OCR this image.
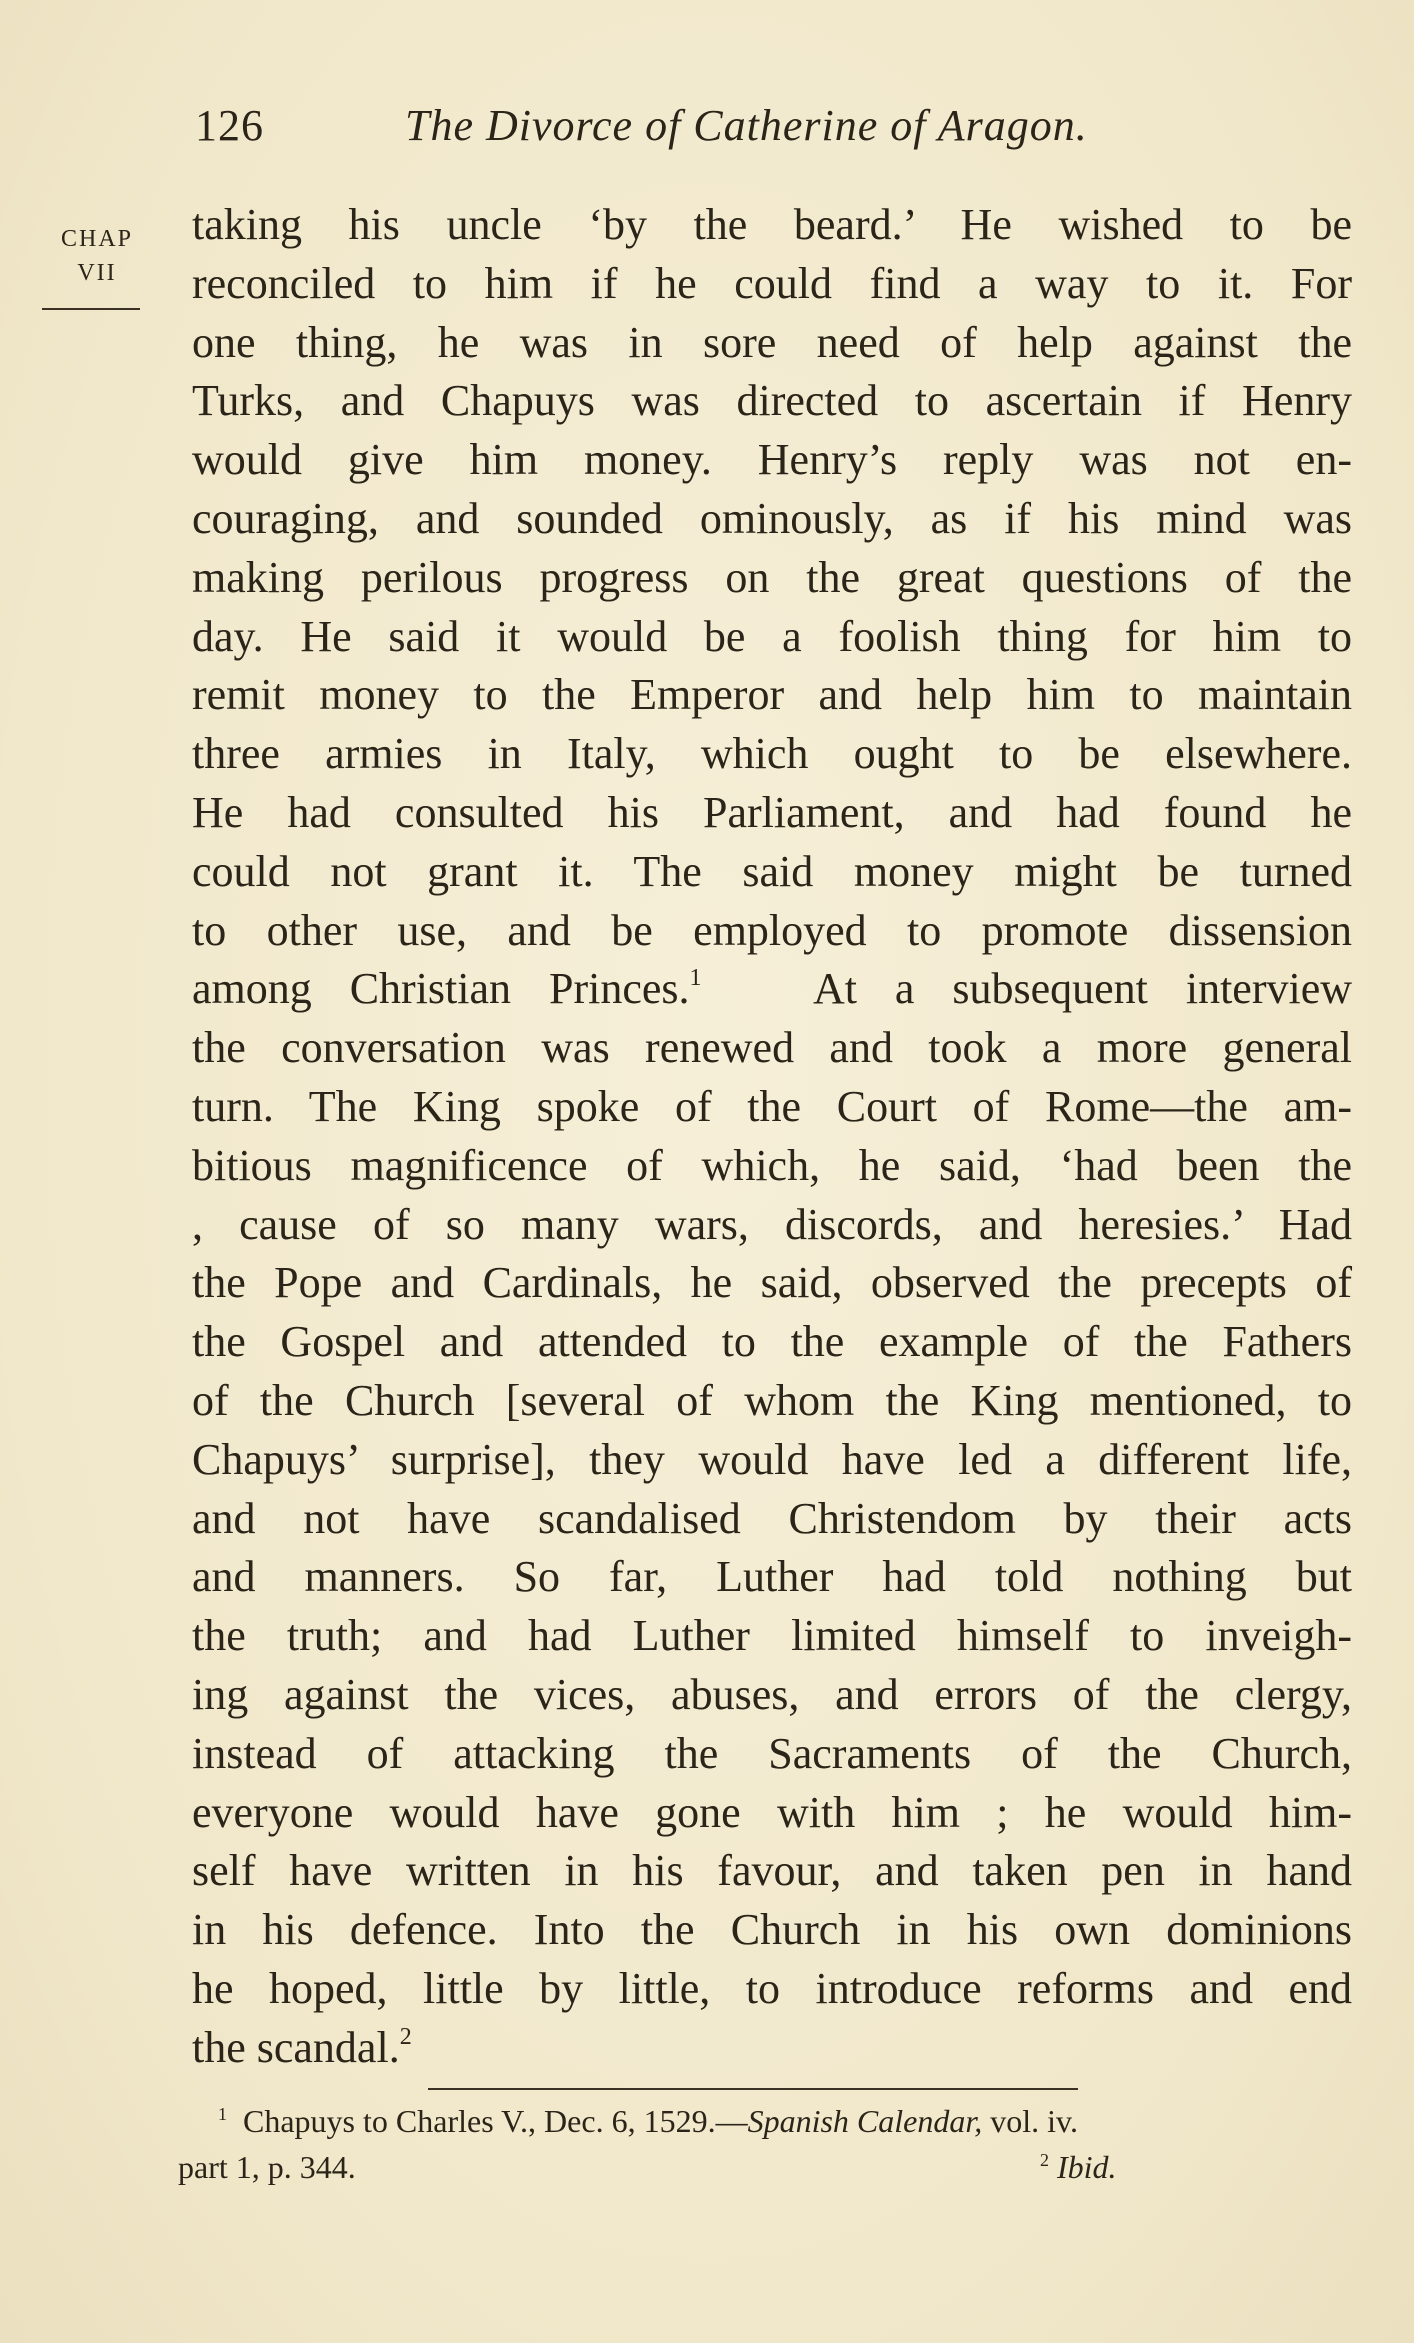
126	The Divorce of Catherine of Aragon.
CHAP
VII
taking his uncle ‘by the beard.’ He wished to be
reconciled to him if he could find a way to it. For
one thing, he was in sore need of help against the
Turks, and Chapuys was directed to ascertain if Henry
would give him money. Henry’s reply was not en-
couraging, and sounded ominously, as if his mind was
making perilous progress on the great questions of the
day. He said it would be a foolish thing for him to
remit money to the Emperor and help him to maintain
three armies in Italy, which ought to be elsewhere.
He had consulted his Parliament, and had found he
could not grant it. The said money might be turned
to other use, and be employed to promote dissension
among Christian Princes.$^1$	At a subsequent interview
the conversation was renewed and took a more general
turn. The King spoke of the Court of Rome—the am-
bitious magnificence of which, he said, ‘had been the
, cause of so many wars, discords, and heresies.’ Had
the Pope and Cardinals, he said, observed the precepts of
the Gospel and attended to the example of the Fathers
of the Church [several of whom the King mentioned, to
Chapuys’ surprise], they would have led a different life,
and not have scandalised Christendom by their acts
and manners. So far, Luther had told nothing but
the truth; and had Luther limited himself to inveigh-
ing against the vices, abuses, and errors of the clergy,
instead of attacking the Sacraments of the Church,
everyone would have gone with him ; he would him-
self have written in his favour, and taken pen in hand
in his defence. Into the Church in his own dominions
he hoped, little by little, to introduce reforms and end
the scandal.$^2$
$^1$ Chapuys to Charles V., Dec. 6, 1529.—Spanish Calendar, vol. iv.
part 1, p. 344.	$^2$ Ibid.
